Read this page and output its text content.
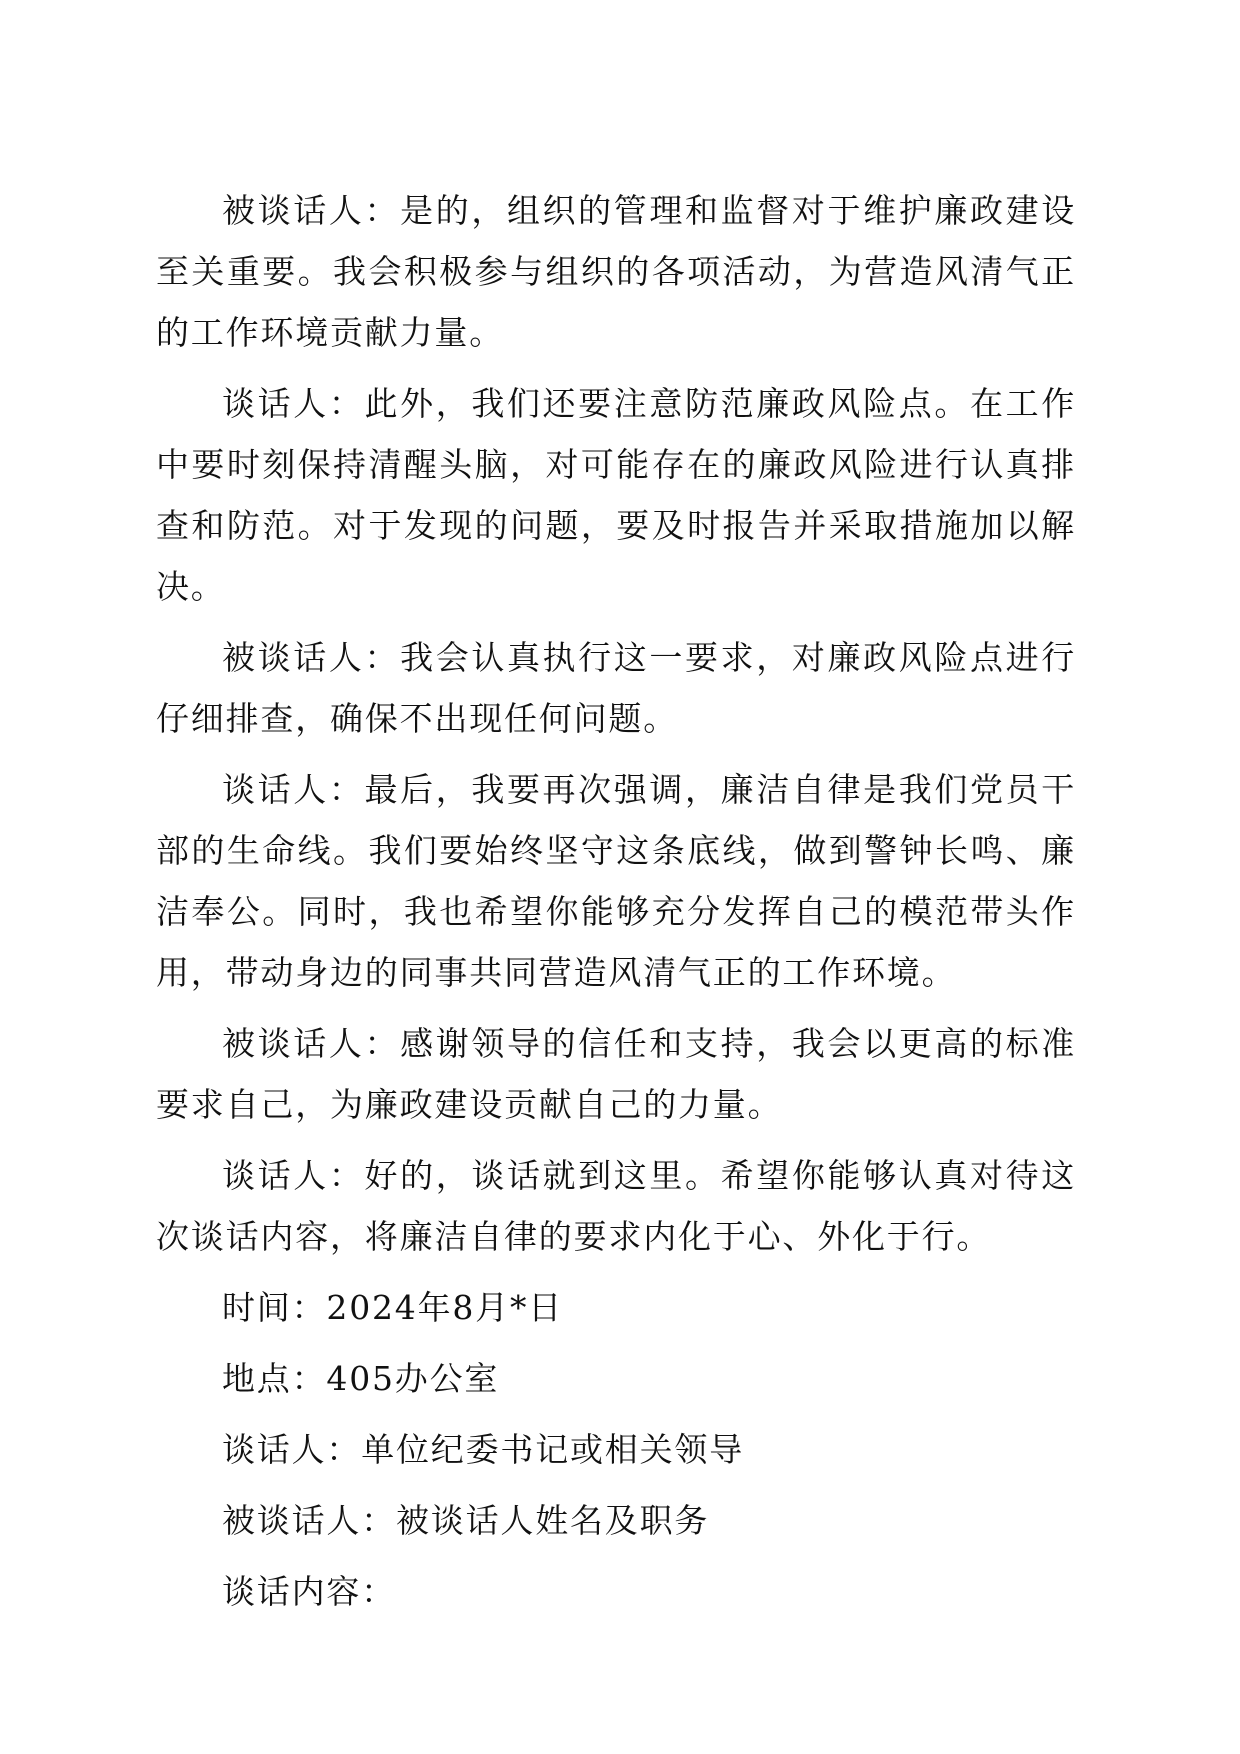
被谈话人：是的，组织的管理和监督对于维护廉政建设至关重要。我会积极参与组织的各项活动，为营造风清气正的工作环境贡献力量。

谈话人：此外，我们还要注意防范廉政风险点。在工作中要时刻保持清醒头脑，对可能存在的廉政风险进行认真排查和防范。对于发现的问题，要及时报告并采取措施加以解决。

被谈话人：我会认真执行这一要求，对廉政风险点进行仔细排查，确保不出现任何问题。

谈话人：最后，我要再次强调，廉洁自律是我们党员干部的生命线。我们要始终坚守这条底线，做到警钟长鸣、廉洁奉公。同时，我也希望你能够充分发挥自己的模范带头作用，带动身边的同事共同营造风清气正的工作环境。

被谈话人：感谢领导的信任和支持，我会以更高的标准要求自己，为廉政建设贡献自己的力量。

谈话人：好的，谈话就到这里。希望你能够认真对待这次谈话内容，将廉洁自律的要求内化于心、外化于行。

时间：2024年8月*日

地点：405办公室

谈话人：单位纪委书记或相关领导

被谈话人：被谈话人姓名及职务

谈话内容：
